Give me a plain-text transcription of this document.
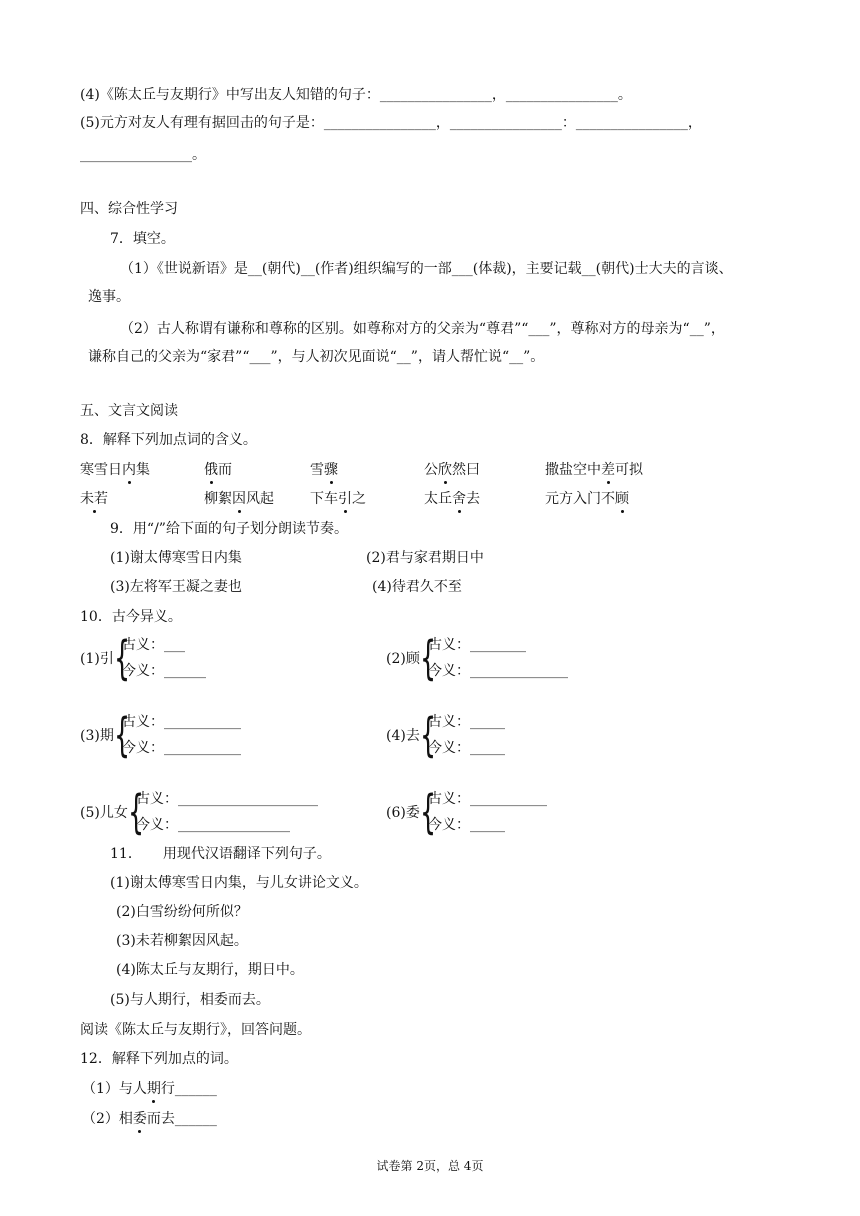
(4)《陈太丘与友期行》中写出友人知错的句子：________________，________________。
(5)元方对友人有理有据回击的句子是：________________，________________：________________，
________________。
四、综合性学习
7．填空。
（1）《世说新语》是__(朝代)__(作者)组织编写的一部___(体裁)，主要记载__(朝代)士大夫的言谈、
逸事。
（2）古人称谓有谦称和尊称的区别。如尊称对方的父亲为“尊君”“___”，尊称对方的母亲为“__”，
谦称自己的父亲为“家君”“___”，与人初次见面说“__”，请人帮忙说“__”。
五、文言文阅读
8．解释下列加点词的含义。
寒雪日内集	俄而	雪骤	公欣然曰	撒盐空中差可拟
未若	柳絮因风起	下车引之	太丘舍去	元方入门不顾
9．用“/”给下面的句子划分朗读节奏。
(1)谢太傅寒雪日内集	(2)君与家君期日中
(3)左将军王凝之妻也	(4)待君久不至
10．古今异义。
(1)引 {
古义：___
今义：______
(2)顾 {
古义：________
今义：______________
(3)期 {
古义：___________
今义：___________
(4)去 {
古义：_____
今义：_____
(5)儿女 {
古义：____________________
今义：________________
(6)委 {
古义：___________
今义：_____
11．　　用现代汉语翻译下列句子。
(1)谢太傅寒雪日内集，与儿女讲论文义。
(2)白雪纷纷何所似？
(3)未若柳絮因风起。
(4)陈太丘与友期行，期日中。
(5)与人期行，相委而去。
阅读《陈太丘与友期行》，回答问题。
12．解释下列加点的词。
（1）与人期行______
（2）相委而去______
试卷第 2页，总 4页
